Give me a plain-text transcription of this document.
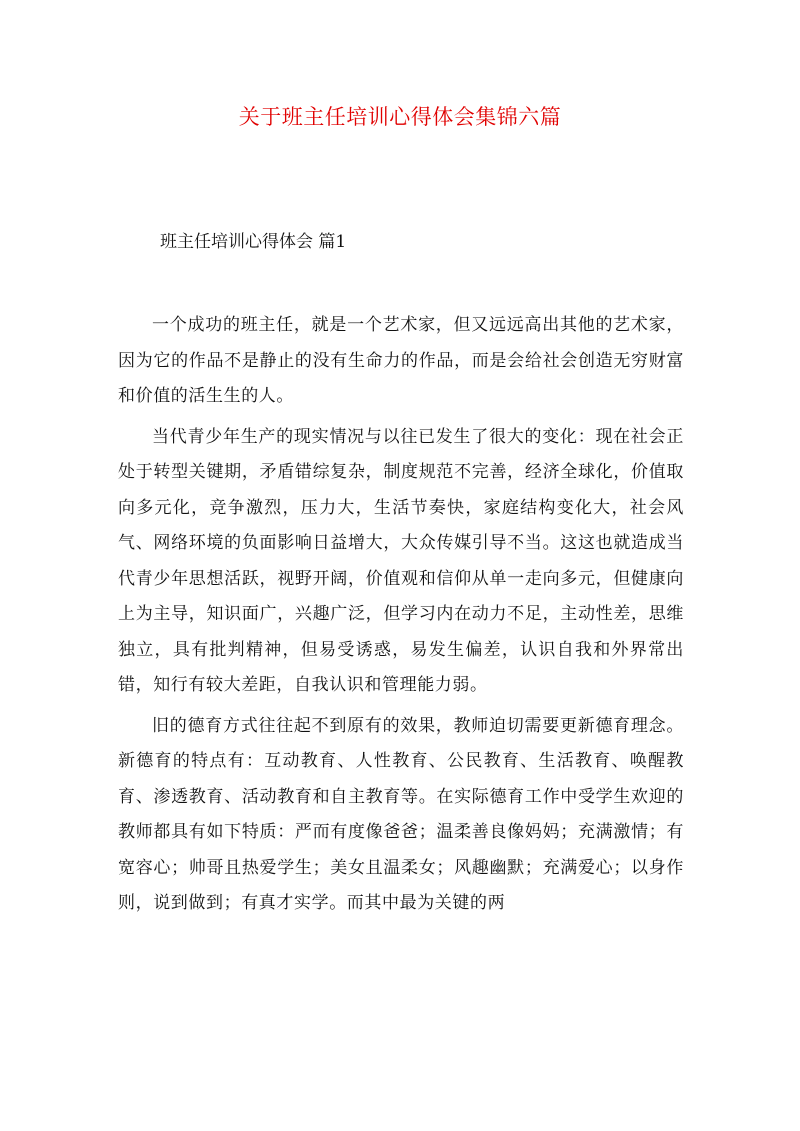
关于班主任培训心得体会集锦六篇
班主任培训心得体会 篇1

一个成功的班主任，就是一个艺术家，但又远远高出其他的艺术家，因为它的作品不是静止的没有生命力的作品，而是会给社会创造无穷财富和价值的活生生的人。

当代青少年生产的现实情况与以往已发生了很大的变化：现在社会正处于转型关键期，矛盾错综复杂，制度规范不完善，经济全球化，价值取向多元化，竞争激烈，压力大，生活节奏快，家庭结构变化大，社会风气、网络环境的负面影响日益增大，大众传媒引导不当。这这也就造成当代青少年思想活跃，视野开阔，价值观和信仰从单一走向多元，但健康向上为主导，知识面广，兴趣广泛，但学习内在动力不足，主动性差，思维独立，具有批判精神，但易受诱惑，易发生偏差，认识自我和外界常出错，知行有较大差距，自我认识和管理能力弱。

旧的德育方式往往起不到原有的效果，教师迫切需要更新德育理念。新德育的特点有：互动教育、人性教育、公民教育、生活教育、唤醒教育、渗透教育、活动教育和自主教育等。在实际德育工作中受学生欢迎的教师都具有如下特质：严而有度像爸爸；温柔善良像妈妈；充满激情；有宽容心；帅哥且热爱学生；美女且温柔女；风趣幽默；充满爱心；以身作则，说到做到；有真才实学。而其中最为关键的两
